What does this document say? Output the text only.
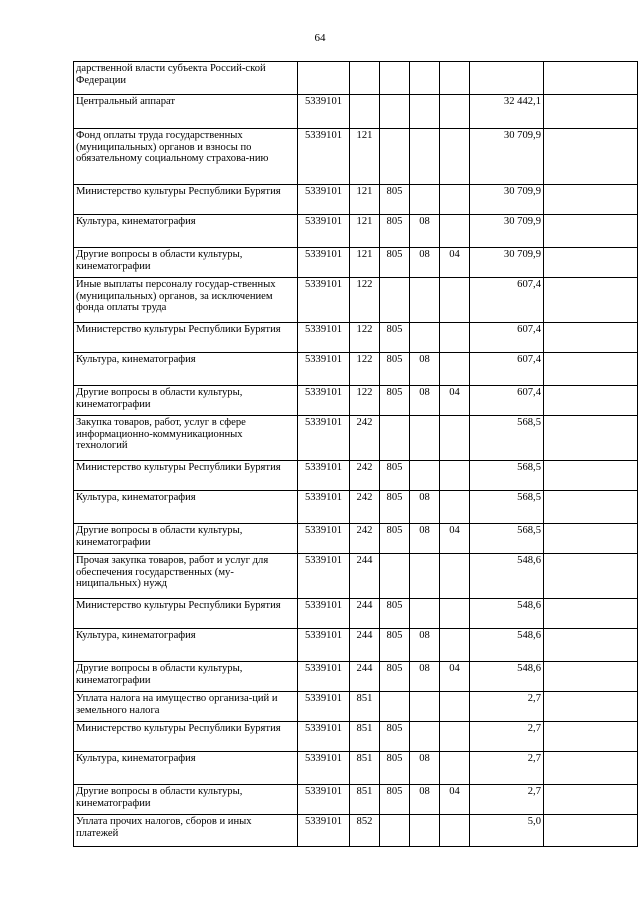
64
дарственной власти субъекта Россий-ской Федерации							
Центральный аппарат	5339101					32 442,1	
Фонд оплаты труда государственных (муниципальных) органов и взносы по обязательному социальному страхова-нию	5339101	121				30 709,9	
Министерство культуры Республики Бурятия	5339101	121	805			30 709,9	
Культура, кинематография	5339101	121	805	08		30 709,9	
Другие вопросы в области культуры, кинематографии	5339101	121	805	08	04	30 709,9	
Иные выплаты персоналу государ-ственных (муниципальных) органов, за исключением фонда оплаты труда	5339101	122				607,4	
Министерство культуры Республики Бурятия	5339101	122	805			607,4	
Культура, кинематография	5339101	122	805	08		607,4	
Другие вопросы в области культуры, кинематографии	5339101	122	805	08	04	607,4	
Закупка товаров, работ, услуг в сфере информационно-коммуникационных технологий	5339101	242				568,5	
Министерство культуры Республики Бурятия	5339101	242	805			568,5	
Культура, кинематография	5339101	242	805	08		568,5	
Другие вопросы в области культуры, кинематографии	5339101	242	805	08	04	568,5	
Прочая закупка товаров, работ и услуг для обеспечения государственных (му-ниципальных) нужд	5339101	244				548,6	
Министерство культуры Республики Бурятия	5339101	244	805			548,6	
Культура, кинематография	5339101	244	805	08		548,6	
Другие вопросы в области культуры, кинематографии	5339101	244	805	08	04	548,6	
Уплата налога на имущество организа-ций и земельного налога	5339101	851				2,7	
Министерство культуры Республики Бурятия	5339101	851	805			2,7	
Культура, кинематография	5339101	851	805	08		2,7	
Другие вопросы в области культуры, кинематографии	5339101	851	805	08	04	2,7	
Уплата прочих налогов, сборов и иных платежей	5339101	852				5,0	
